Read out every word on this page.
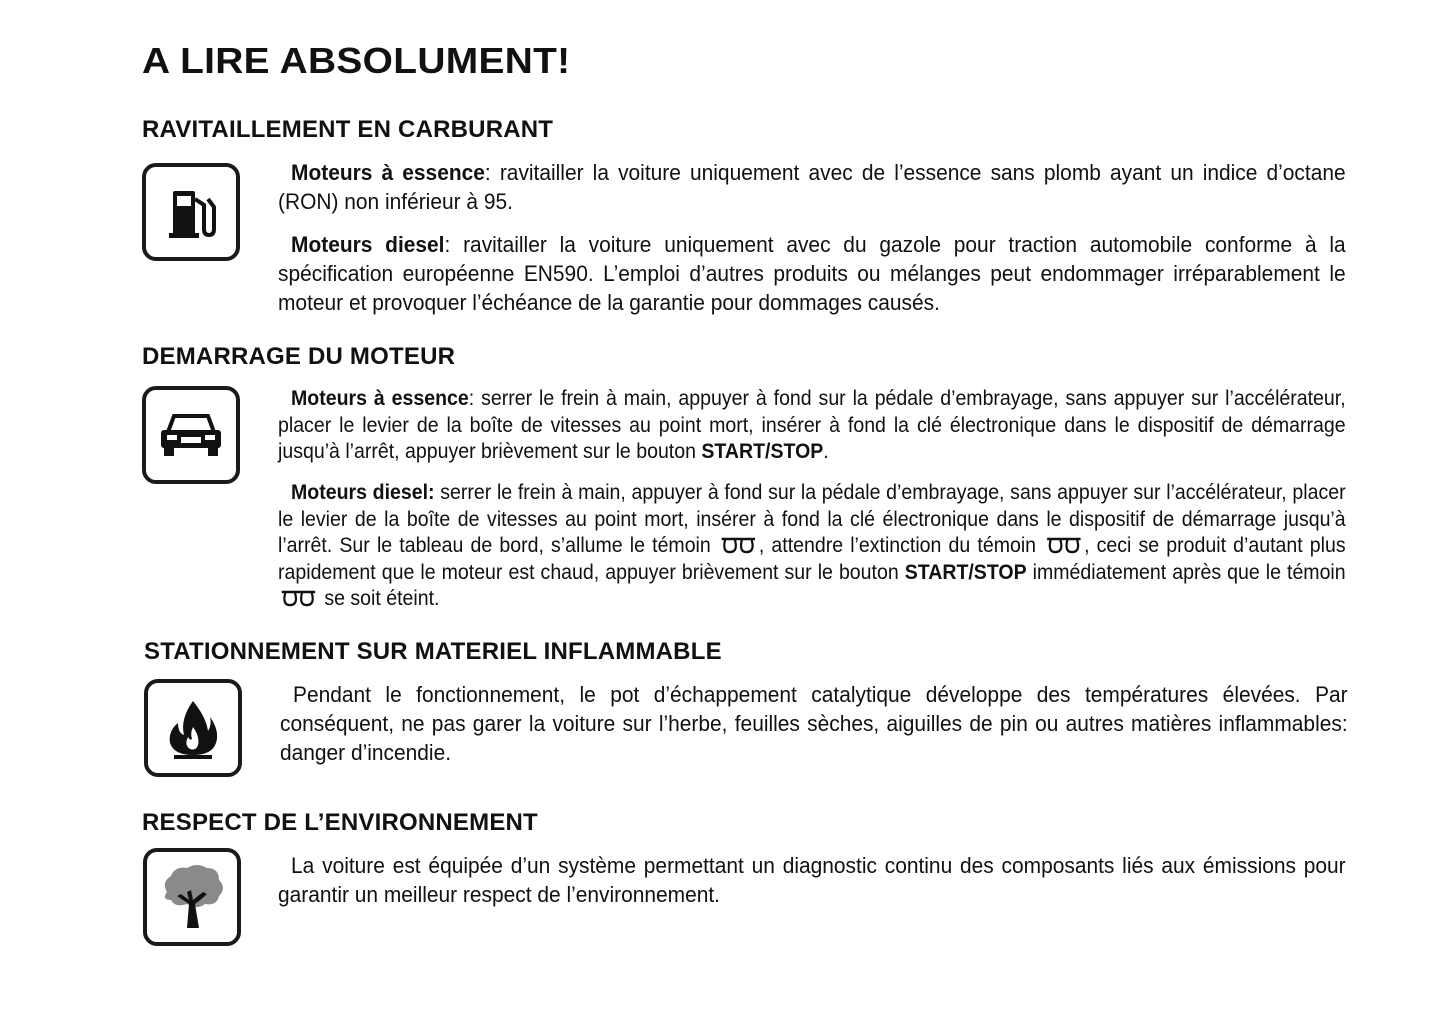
A LIRE ABSOLUMENT!
RAVITAILLEMENT EN CARBURANT

Moteurs à essence: ravitailler la voiture uniquement avec de l’essence sans plomb ayant un indice d’octane (RON) non inférieur à 95.

Moteurs diesel: ravitailler la voiture uniquement avec du gazole pour traction automobile conforme à la spécification européenne EN590. L’emploi d’autres produits ou mélanges peut endommager irréparablement le moteur et provoquer l’échéance de la garantie pour dommages causés.

DEMARRAGE DU MOTEUR

Moteurs à essence: serrer le frein à main, appuyer à fond sur la pédale d’embrayage, sans appuyer sur l’accélérateur, placer le levier de la boîte de vitesses au point mort, insérer à fond la clé électronique dans le dispositif de démarrage jusqu’à l’arrêt, appuyer brièvement sur le bouton START/STOP.

Moteurs diesel: serrer le frein à main, appuyer à fond sur la pédale d’embrayage, sans appuyer sur l’accélérateur, placer le levier de la boîte de vitesses au point mort, insérer à fond la clé électronique dans le dispositif de démarrage jusqu’à l’arrêt. Sur le tableau de bord, s’allume le témoin , attendre l’extinction du témoin , ceci se produit d’autant plus rapidement que le moteur est chaud, appuyer brièvement sur le bouton START/STOP immédiatement après que le témoin  se soit éteint.

STATIONNEMENT SUR MATERIEL INFLAMMABLE

Pendant le fonctionnement, le pot d’échappement catalytique développe des températures élevées. Par conséquent, ne pas garer la voiture sur l’herbe, feuilles sèches, aiguilles de pin ou autres matières inflammables: danger d’incendie.

RESPECT DE L’ENVIRONNEMENT

La voiture est équipée d’un système permettant un diagnostic continu des composants liés aux émissions pour garantir un meilleur respect de l’environnement.
